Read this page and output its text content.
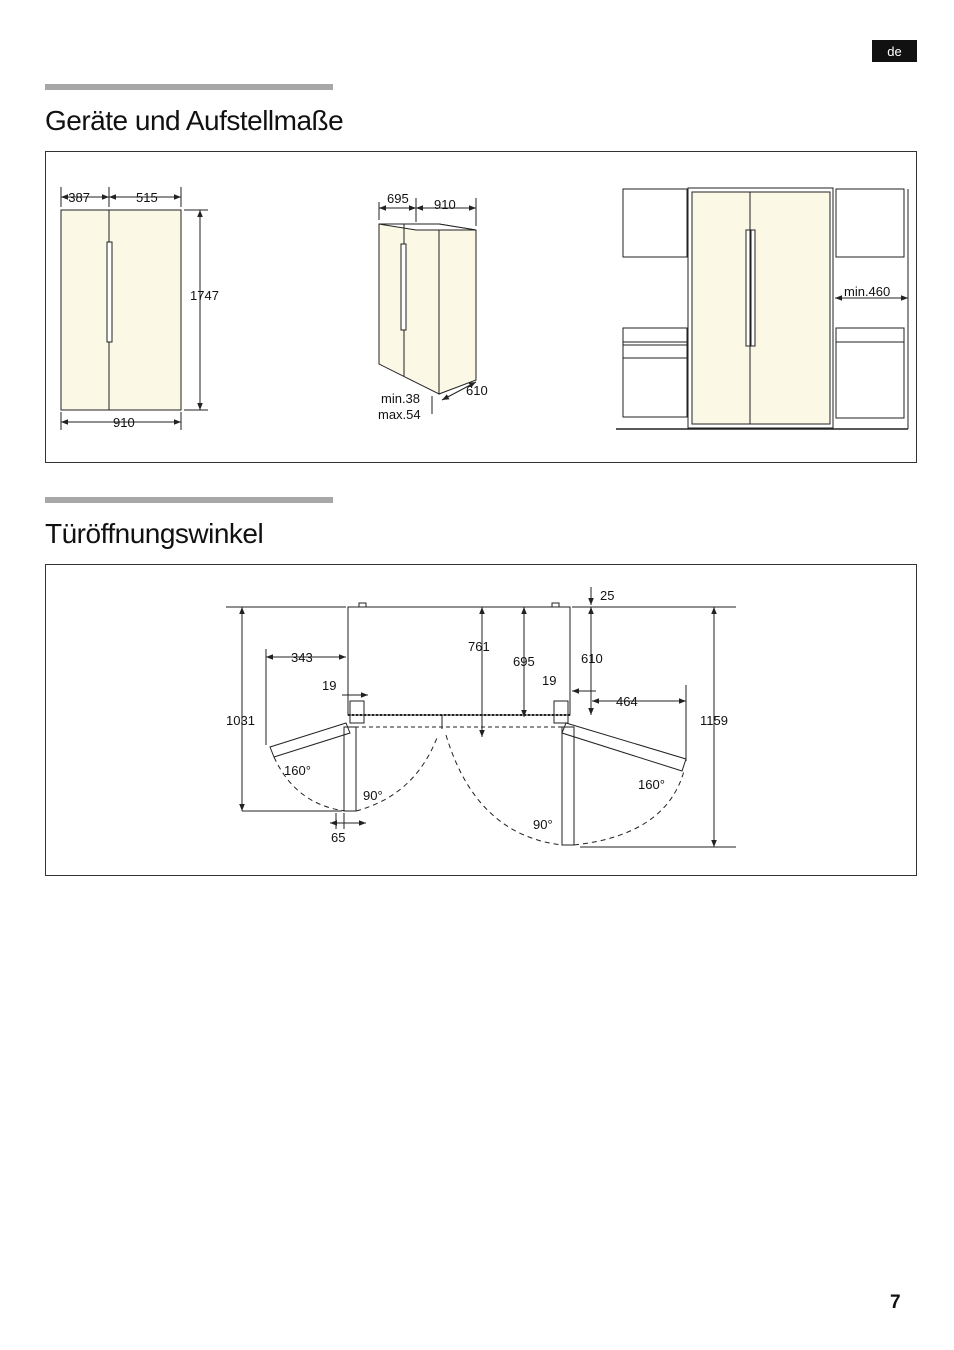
de
Geräte und Aufstellmaße
387	515
1747
910
695 910
610
min.38
max.54
min.460
Türöffnungswinkel
25
343
761
695	610
19	19
464
1031	1159
160°
160°
90°
90°
65
7
